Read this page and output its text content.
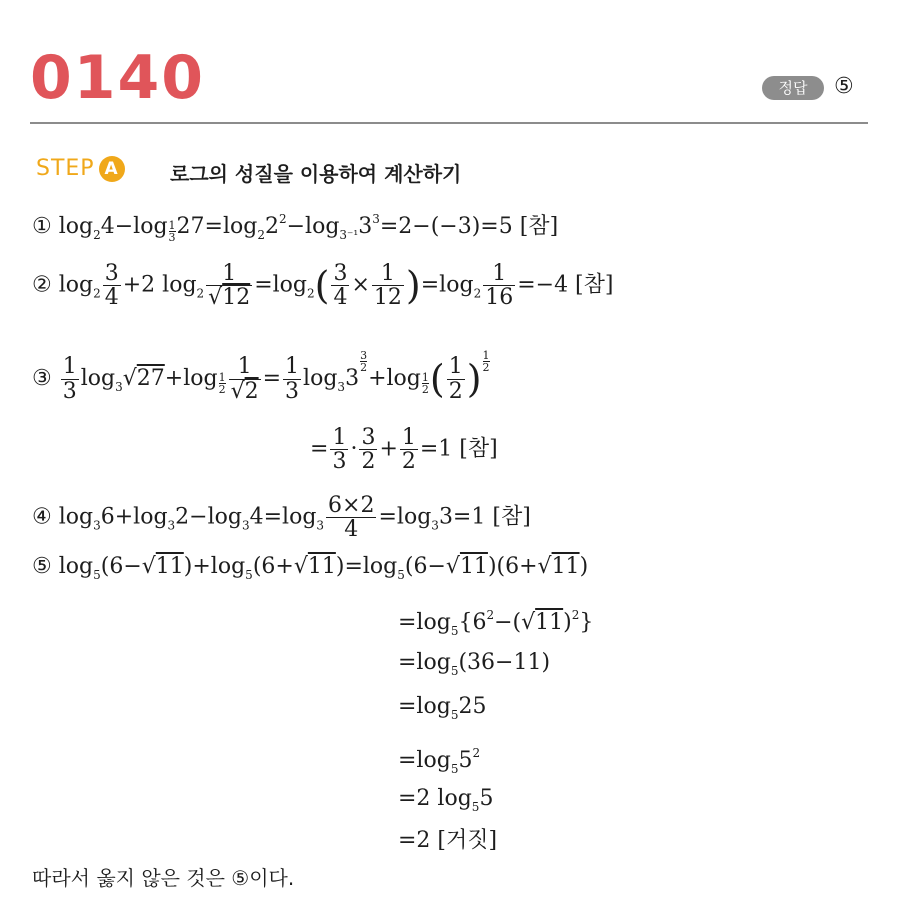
0140	정답	⑤
STEP A	로그의 성질을 이용하여 계산하기
① $\log_24-\log \frac{1}{3} 27=\log_22^2-\log_{3^{-1}}3^3=2-(-3)=5$ [참]
② $\log_2 \frac{3}{4} +2$ $\log_2 \frac{1}{√12} =\log_2( \frac{3}{4} \times \frac{1}{12} )=\log_2 \frac{1}{16} =-4$ [참]
③ $\frac{1}{3} \log_3√27+\log \frac{1}{2} \frac{1}{√2} = \frac{1}{3} \log_33$
$\frac{3}{2}$
$+\log \frac{1}{2}$ ( $\frac{1}{2}$ ) $\frac{1}{2}$
= $\frac{1}{3} \cdot \frac{3}{2} + \frac{1}{2} =1$ [참]
④ $\log_36+\log_32-\log_34=\log_3 \frac{6\times 2}{4} =\log_33=1$ [참]
⑤ $\log_5(6-√11)+\log_5(6+√11)=\log_5(6-√11)(6+√11)$
$=\log_5\{6^2-(√11)^2\}$
$=\log_5(36-11)$
$=\log_525$
$=\log_55^2$
=2 $\log_55$
=2 [거짓]
따라서 옳지 않은 것은 ⑤이다.
